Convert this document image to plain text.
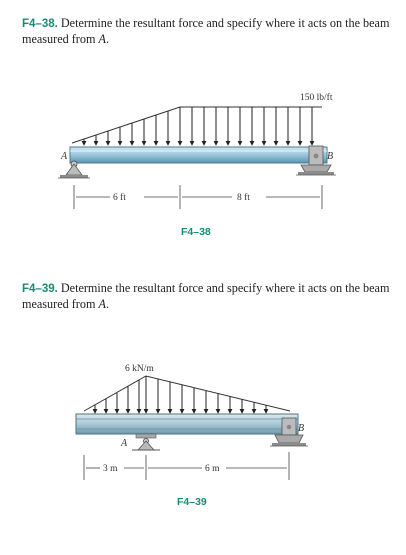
F4–38. Determine the resultant force and specify where it acts on the beam measured from A.
F4–39. Determine the resultant force and specify where it acts on the beam measured from A.
150 lb/ft
A	B
6 ft	8 ft
F4–38
6 kN/m
A
B
3 m	6 m
F4–39
